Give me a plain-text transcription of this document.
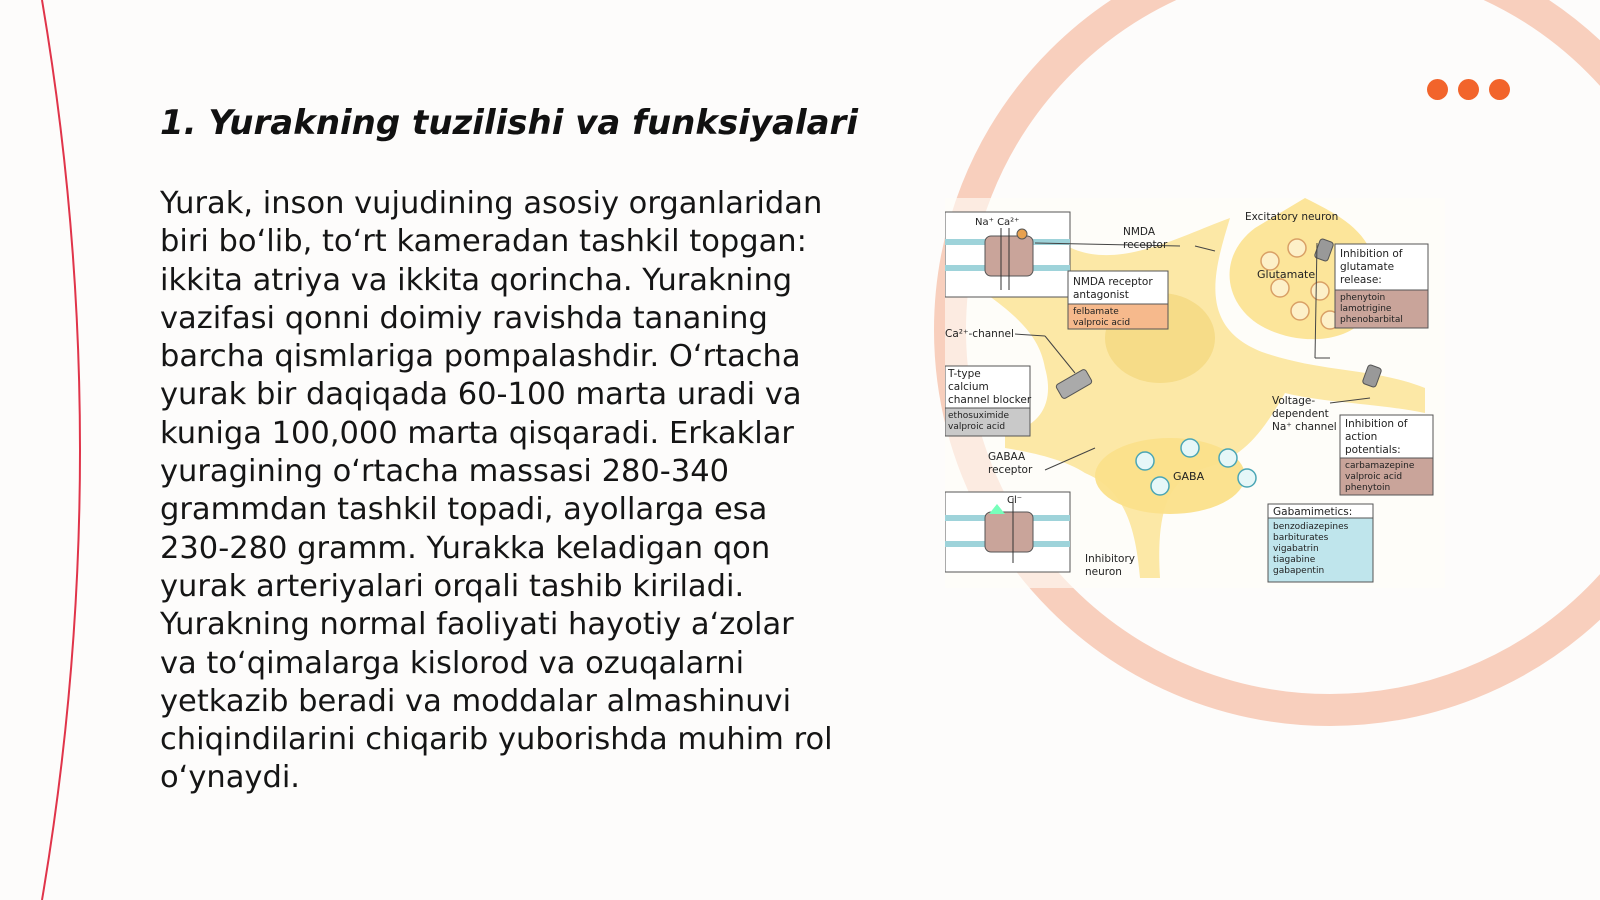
1. Yurakning tuzilishi va funksiyalari

Yurak, inson vujudining asosiy organlaridan biri bo‘lib, to‘rt kameradan tashkil topgan: ikkita atriya va ikkita qorincha. Yurakning vazifasi qonni doimiy ravishda tananing barcha qismlariga pompalashdir. O‘rtacha yurak bir daqiqada 60-100 marta uradi va kuniga 100,000 marta qisqaradi. Erkaklar yuragining o‘rtacha massasi 280-340 grammdan tashkil topadi, ayollarga esa 230-280 gramm. Yurakka keladigan qon yurak arteriyalari orqali tashib kiriladi. Yurakning normal faoliyati hayotiy a‘zolar va to‘qimalarga kislorod va ozuqalarni yetkazib beradi va moddalar almashinuvi chiqindilarini chiqarib yuborishda muhim rol o‘ynaydi.

Na⁺ Ca²⁺
NMDA receptor
Excitatory neuron
NMDA receptor antagonist
felbamate valproic acid
Glutamate
Inhibition of glutamate release:
phenytoin lamotrigine phenobarbital
Ca²⁺-channel
T-type calcium channel blocker
ethosuximide valproic acid
Voltage- dependent Na⁺ channel Inhibition of action potentials:
carbamazepine valproic acid phenytoin
GABAA receptor	GABA
Cl⁻
Gabamimetics:
benzodiazepines barbiturates vigabatrin tiagabine gabapentin
Inhibitory neuron
